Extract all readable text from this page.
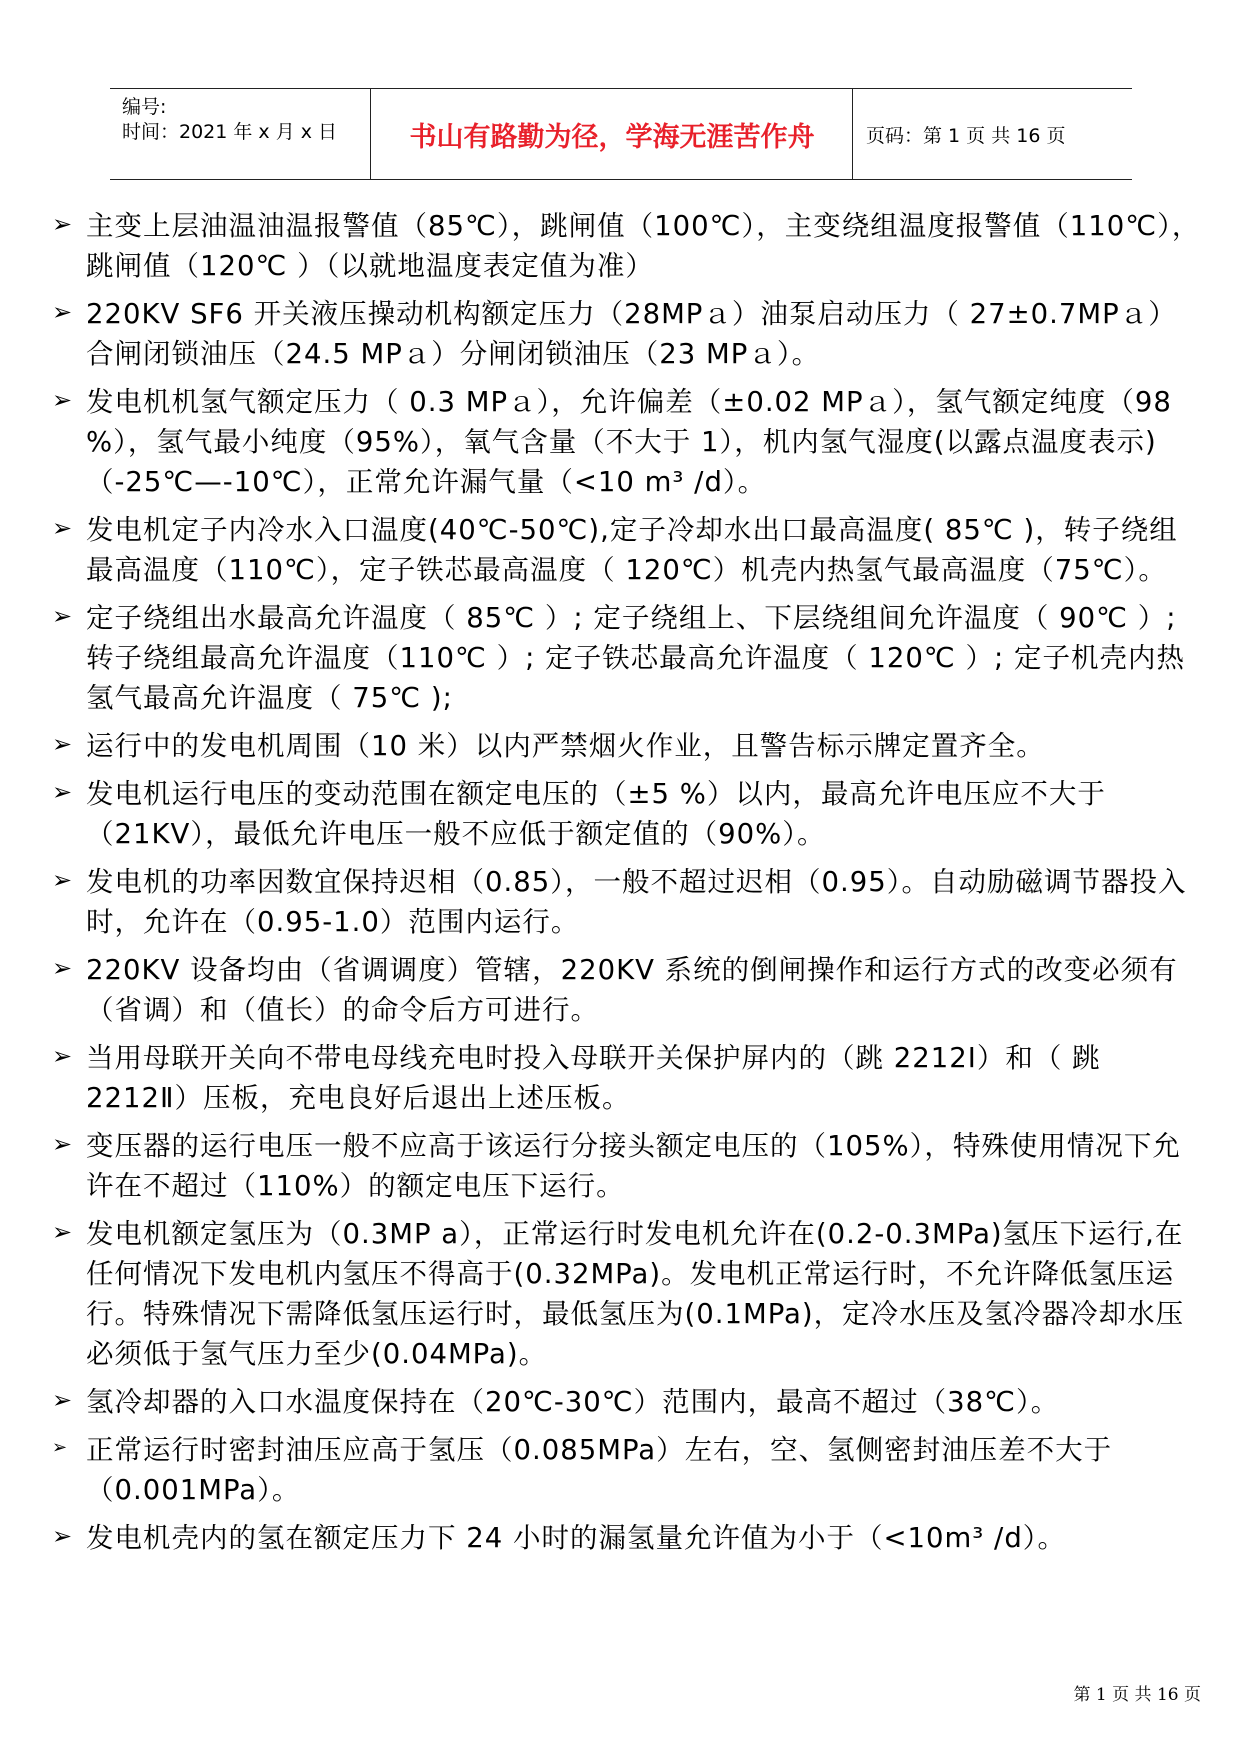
编号:
时间：2021 年 x 月 x 日	书山有路勤为径，学海无涯苦作舟	页码：第 1 页 共 16 页
➢ 主变上层油温油温报警值（85℃），跳闸值（100℃），主变绕组温度报警值（110℃），跳闸值（120℃ ）（以就地温度表定值为准）
➢ 220KV SF6 开关液压操动机构额定压力（28MPａ）油泵启动压力（ 27±0.7MPａ）合闸闭锁油压（24.5 MPａ）分闸闭锁油压（23 MPａ）。
➢ 发电机机氢气额定压力（ 0.3 MPａ），允许偏差（±0.02 MPａ），氢气额定纯度（98 %），氢气最小纯度（95%），氧气含量（不大于 1），机内氢气湿度(以露点温度表示)（-25℃—-10℃），正常允许漏气量（<10 m³ /d）。
➢ 发电机定子内冷水入口温度(40℃-50℃),定子冷却水出口最高温度( 85℃ )，转子绕组最高温度（110℃），定子铁芯最高温度（ 120℃）机壳内热氢气最高温度（75℃）。
➢ 定子绕组出水最高允许温度（ 85℃ ）; 定子绕组上、下层绕组间允许温度（ 90℃ ）; 转子绕组最高允许温度（110℃ ）; 定子铁芯最高允许温度（ 120℃ ）; 定子机壳内热氢气最高允许温度（ 75℃ );
➢ 运行中的发电机周围（10 米）以内严禁烟火作业，且警告标示牌定置齐全。
➢ 发电机运行电压的变动范围在额定电压的（±5 %）以内，最高允许电压应不大于（21KV），最低允许电压一般不应低于额定值的（90%）。
➢ 发电机的功率因数宜保持迟相（0.85），一般不超过迟相（0.95）。自动励磁调节器投入时，允许在（0.95-1.0）范围内运行。
➢ 220KV 设备均由（省调调度）管辖，220KV 系统的倒闸操作和运行方式的改变必须有（省调）和（值长）的命令后方可进行。
➢ 当用母联开关向不带电母线充电时投入母联开关保护屏内的（跳 2212Ⅰ）和（ 跳 2212Ⅱ）压板，充电良好后退出上述压板。
➢ 变压器的运行电压一般不应高于该运行分接头额定电压的（105%），特殊使用情况下允许在不超过（110%）的额定电压下运行。
➢ 发电机额定氢压为（0.3MP a），正常运行时发电机允许在(0.2-0.3MPa)氢压下运行,在任何情况下发电机内氢压不得高于(0.32MPa)。发电机正常运行时，不允许降低氢压运行。特殊情况下需降低氢压运行时，最低氢压为(0.1MPa)，定冷水压及氢冷器冷却水压必须低于氢气压力至少(0.04MPa)。
➢ 氢冷却器的入口水温度保持在（20℃-30℃）范围内，最高不超过（38℃）。
➢ 正常运行时密封油压应高于氢压（0.085MPa）左右，空、氢侧密封油压差不大于（0.001MPa）。
➢ 发电机壳内的氢在额定压力下 24 小时的漏氢量允许值为小于（<10m³ /d）。
第 1 页 共 16 页
